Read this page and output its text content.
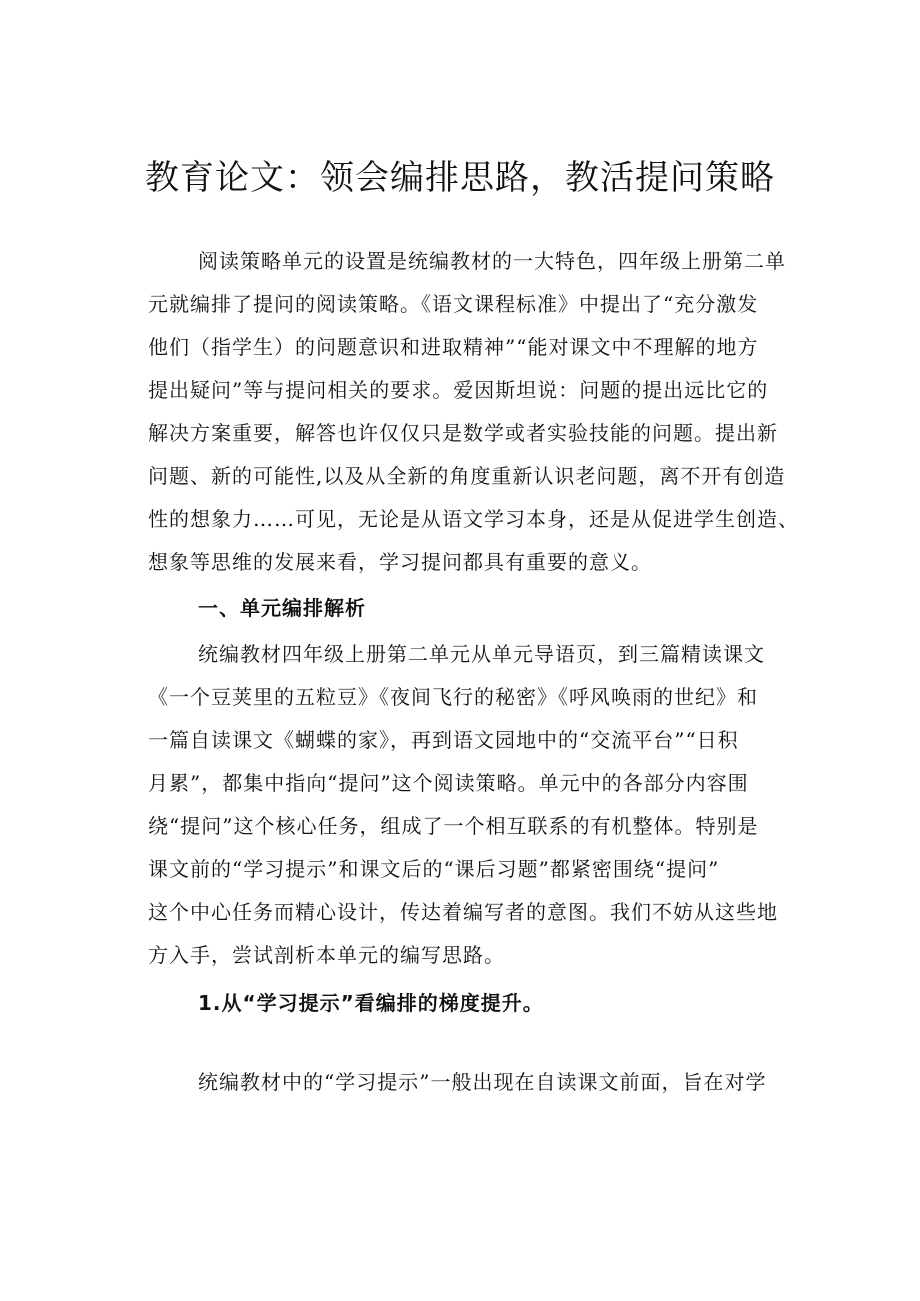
教育论文：领会编排思路，教活提问策略
阅读策略单元的设置是统编教材的一大特色，四年级上册第二单
元就编排了提问的阅读策略。《语文课程标准》中提出了“充分激发
他们（指学生）的问题意识和进取精神”“能对课文中不理解的地方
提出疑问”等与提问相关的要求。爱因斯坦说：问题的提出远比它的
解决方案重要，解答也许仅仅只是数学或者实验技能的问题。提出新
问题、新的可能性,以及从全新的角度重新认识老问题，离不开有创造
性的想象力……可见，无论是从语文学习本身，还是从促进学生创造、
想象等思维的发展来看，学习提问都具有重要的意义。
一、单元编排解析
统编教材四年级上册第二单元从单元导语页，到三篇精读课文
《一个豆荚里的五粒豆》《夜间飞行的秘密》《呼风唤雨的世纪》和
一篇自读课文《蝴蝶的家》，再到语文园地中的“交流平台”“日积
月累”，都集中指向“提问”这个阅读策略。单元中的各部分内容围
绕“提问”这个核心任务，组成了一个相互联系的有机整体。特别是
课文前的“学习提示”和课文后的“课后习题”都紧密围绕“提问”
这个中心任务而精心设计，传达着编写者的意图。我们不妨从这些地
方入手，尝试剖析本单元的编写思路。
1.从“学习提示”看编排的梯度提升。
统编教材中的“学习提示”一般出现在自读课文前面，旨在对学
